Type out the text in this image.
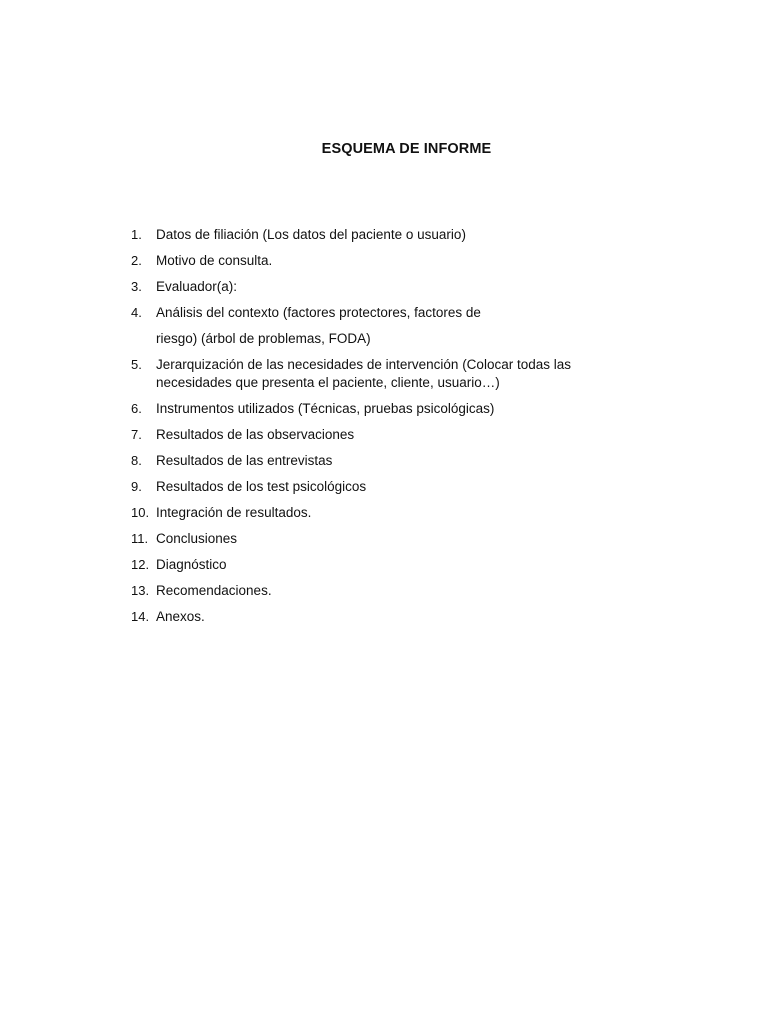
ESQUEMA DE INFORME
1. Datos de filiación (Los datos del paciente o usuario)
2. Motivo de consulta.
3. Evaluador(a):
4. Análisis del contexto (factores protectores, factores de
riesgo) (árbol de problemas, FODA)
5. Jerarquización de las necesidades de intervención (Colocar todas las necesidades que presenta el paciente, cliente, usuario…)
6. Instrumentos utilizados (Técnicas, pruebas psicológicas)
7. Resultados de las observaciones
8. Resultados de las entrevistas
9. Resultados de los test psicológicos
10. Integración de resultados.
11. Conclusiones
12. Diagnóstico
13. Recomendaciones.
14. Anexos.
